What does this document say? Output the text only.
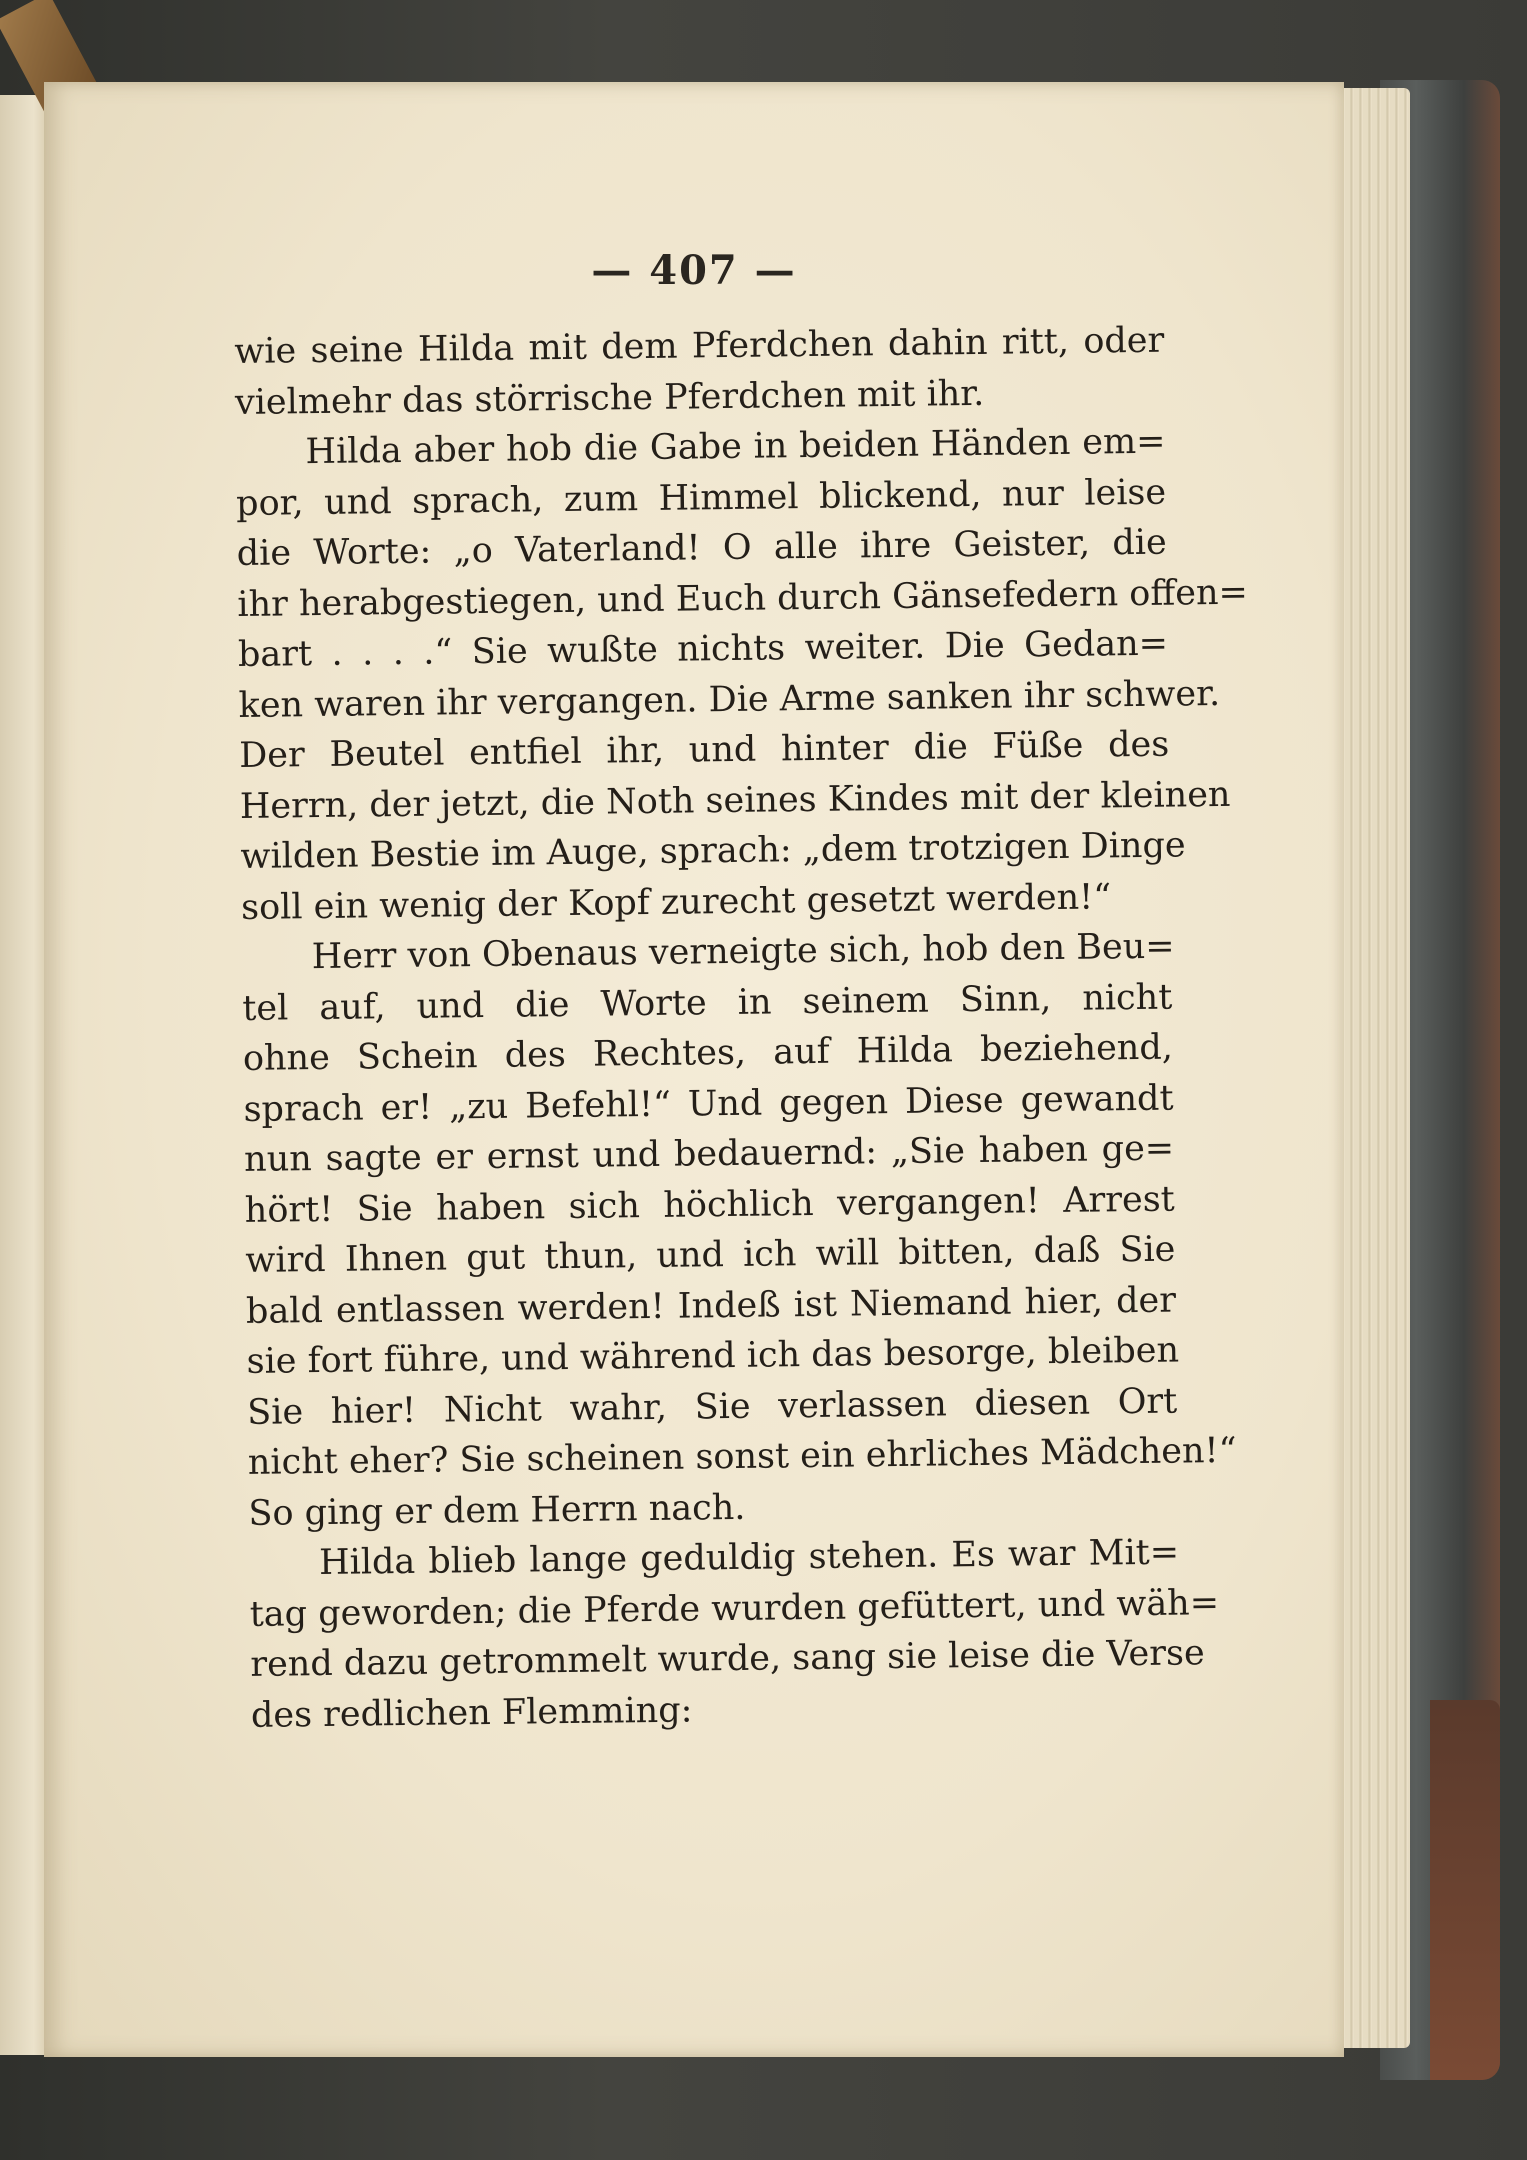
— 407 —
wie seine Hilda mit dem Pferdchen dahin ritt, oder
vielmehr das störrische Pferdchen mit ihr.
Hilda aber hob die Gabe in beiden Händen em=
por, und sprach, zum Himmel blickend, nur leise
die Worte: „o Vaterland! O alle ihre Geister, die
ihr herabgestiegen, und Euch durch Gänsefedern offen=
bart . . . .“ Sie wußte nichts weiter. Die Gedan=
ken waren ihr vergangen. Die Arme sanken ihr schwer.
Der Beutel entfiel ihr, und hinter die Füße des
Herrn, der jetzt, die Noth seines Kindes mit der kleinen
wilden Bestie im Auge, sprach: „dem trotzigen Dinge
soll ein wenig der Kopf zurecht gesetzt werden!“
Herr von Obenaus verneigte sich, hob den Beu=
tel auf, und die Worte in seinem Sinn, nicht
ohne Schein des Rechtes, auf Hilda beziehend,
sprach er! „zu Befehl!“ Und gegen Diese gewandt
nun sagte er ernst und bedauernd: „Sie haben ge=
hört! Sie haben sich höchlich vergangen! Arrest
wird Ihnen gut thun, und ich will bitten, daß Sie
bald entlassen werden! Indeß ist Niemand hier, der
sie fort führe, und während ich das besorge, bleiben
Sie hier! Nicht wahr, Sie verlassen diesen Ort
nicht eher? Sie scheinen sonst ein ehrliches Mädchen!“
So ging er dem Herrn nach.
Hilda blieb lange geduldig stehen. Es war Mit=
tag geworden; die Pferde wurden gefüttert, und wäh=
rend dazu getrommelt wurde, sang sie leise die Verse
des redlichen Flemming:
